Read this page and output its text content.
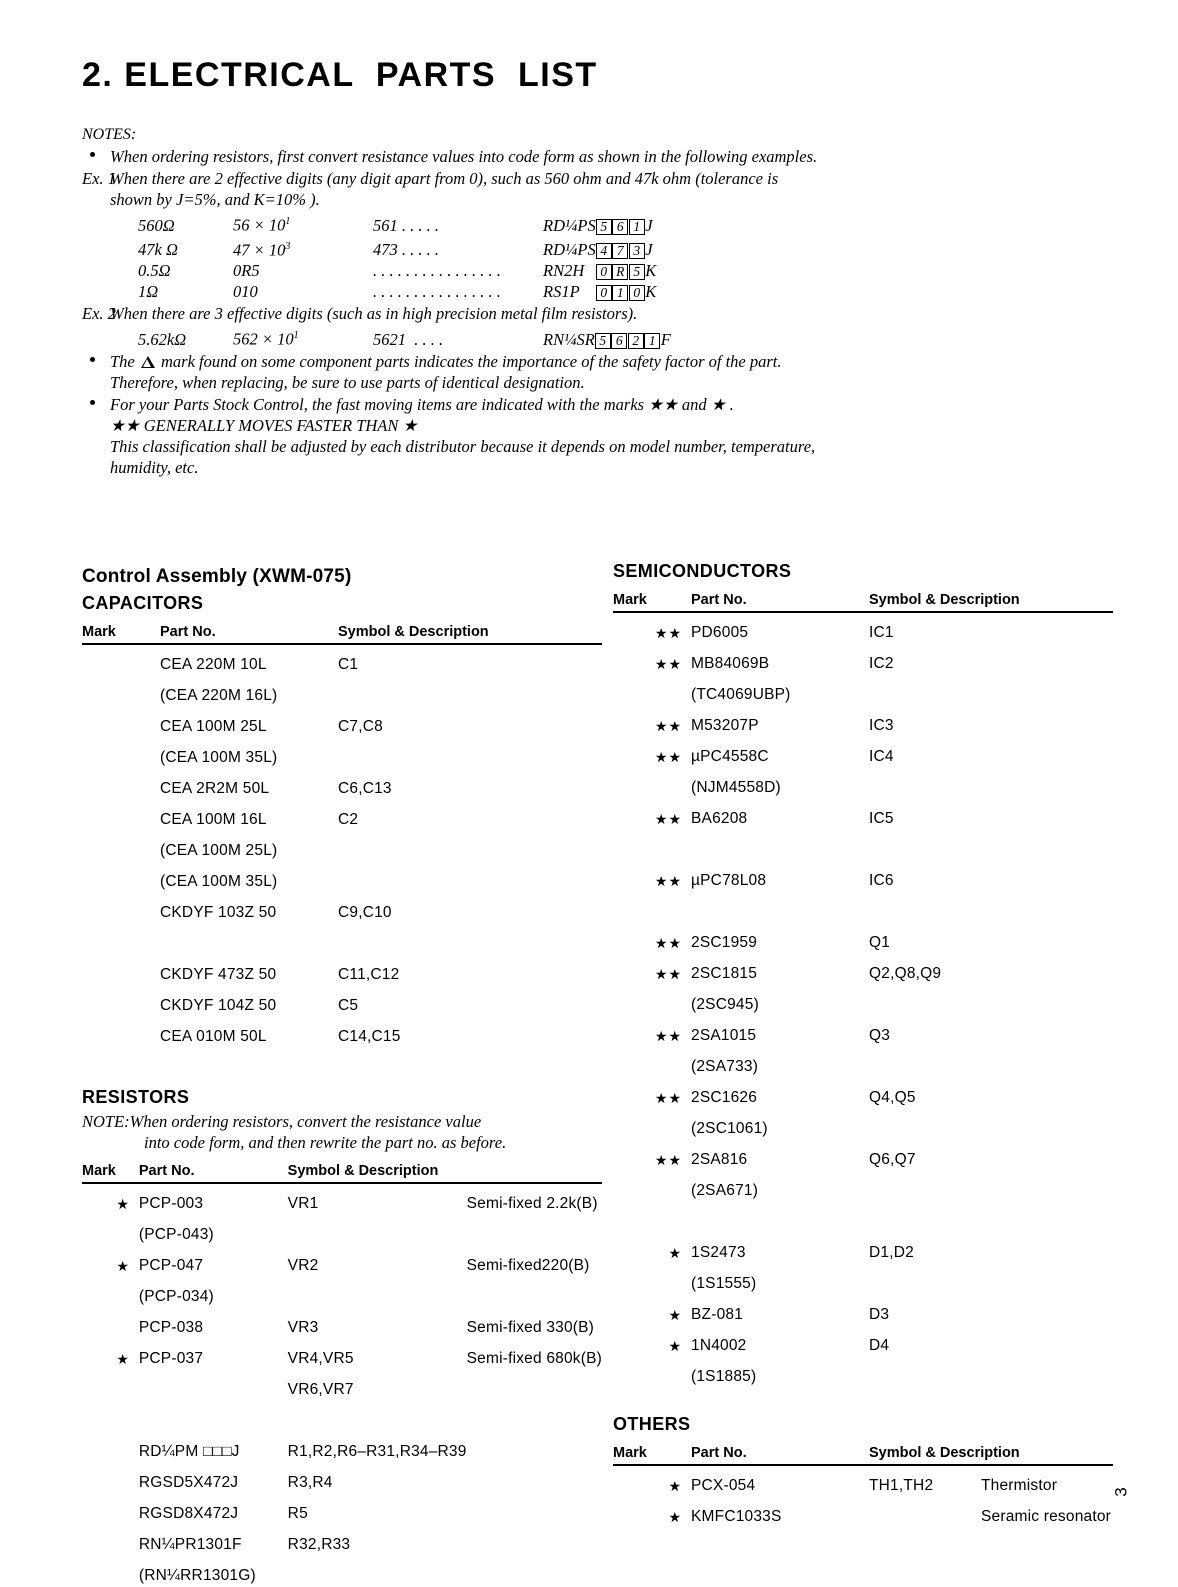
2. ELECTRICAL  PARTS  LIST
NOTES:
When ordering resistors, first convert resistance values into code form as shown in the following examples.
Ex. 1
When there are 2 effective digits (any digit apart from 0), such as 560 ohm and 47k ohm (tolerance is shown by J=5%, and K=10% ).
560Ω	$56 \times 10^1$	561 . . . . .	RD¼PS	5 6 1	J
47k Ω	$47 \times 10^3$	473 . . . . .	RD¼PS	4 7 3	J
0.5Ω	0R5	. . . . . . . . . . . . . . . .	RN2H	0 R 5	K
1Ω	010	. . . . . . . . . . . . . . . .	RS1P	0 1 0	K
Ex. 2
When there are 3 effective digits (such as in high precision metal film resistors).
5.62kΩ	$562 \times 10^1$	5621  . . . .	RN¼SR	5 6 2 1	F
The mark found on some component parts indicates the importance of the safety factor of the part. Therefore, when replacing, be sure to use parts of identical designation.
For your Parts Stock Control, the fast moving items are indicated with the marks ★★ and ★ .
★★ GENERALLY MOVES FASTER THAN ★
This classification shall be adjusted by each distributor because it depends on model number, temperature, humidity, etc.
Control Assembly (XWM-075)
CAPACITORS
Mark	Part No.	Symbol & Description	
	CEA 220M 10L	C1	
	(CEA 220M 16L)		
	CEA 100M 25L	C7,C8	
	(CEA 100M 35L)		
	CEA 2R2M 50L	C6,C13	
	CEA 100M 16L	C2	
	(CEA 100M 25L)		
	(CEA 100M 35L)		
	CKDYF 103Z 50	C9,C10	

	CKDYF 473Z 50	C11,C12	
	CKDYF 104Z 50	C5	
	CEA 010M 50L	C14,C15	
RESISTORS
NOTE:When ordering resistors, convert the resistance value
into code form, and then rewrite the part no. as before.
Mark	Part No.	Symbol & Description	
★	PCP-003	VR1	Semi-fixed 2.2k(B)
	(PCP-043)		
★	PCP-047	VR2	Semi-fixed220(B)
	(PCP-034)		
	PCP-038	VR3	Semi-fixed 330(B)
★	PCP-037	VR4,VR5	Semi-fixed 680k(B)
		VR6,VR7	

	RD¼PM □□□J	R1,R2,R6–R31,R34–R39	
	RGSD5X472J	R3,R4	
	RGSD8X472J	R5	
	RN¼PR1301F	R32,R33	
	(RN¼RR1301G)		
SEMICONDUCTORS
Mark	Part No.	Symbol & Description	
★★	PD6005	IC1	
★★	MB84069B	IC2	
	(TC4069UBP)		
★★	M53207P	IC3	
★★	µPC4558C	IC4	
	(NJM4558D)		
★★	BA6208	IC5	

★★	µPC78L08	IC6	

★★	2SC1959	Q1	
★★	2SC1815	Q2,Q8,Q9	
	(2SC945)		
★★	2SA1015	Q3	
	(2SA733)		
★★	2SC1626	Q4,Q5	
	(2SC1061)		
★★	2SA816	Q6,Q7	
	(2SA671)		

★	1S2473	D1,D2	
	(1S1555)		
★	BZ-081	D3	
★	1N4002	D4	
	(1S1885)		
OTHERS
Mark	Part No.	Symbol & Description	
★	PCX-054	TH1,TH2	Thermistor
★	KMFC1033S		Seramic resonator
3
